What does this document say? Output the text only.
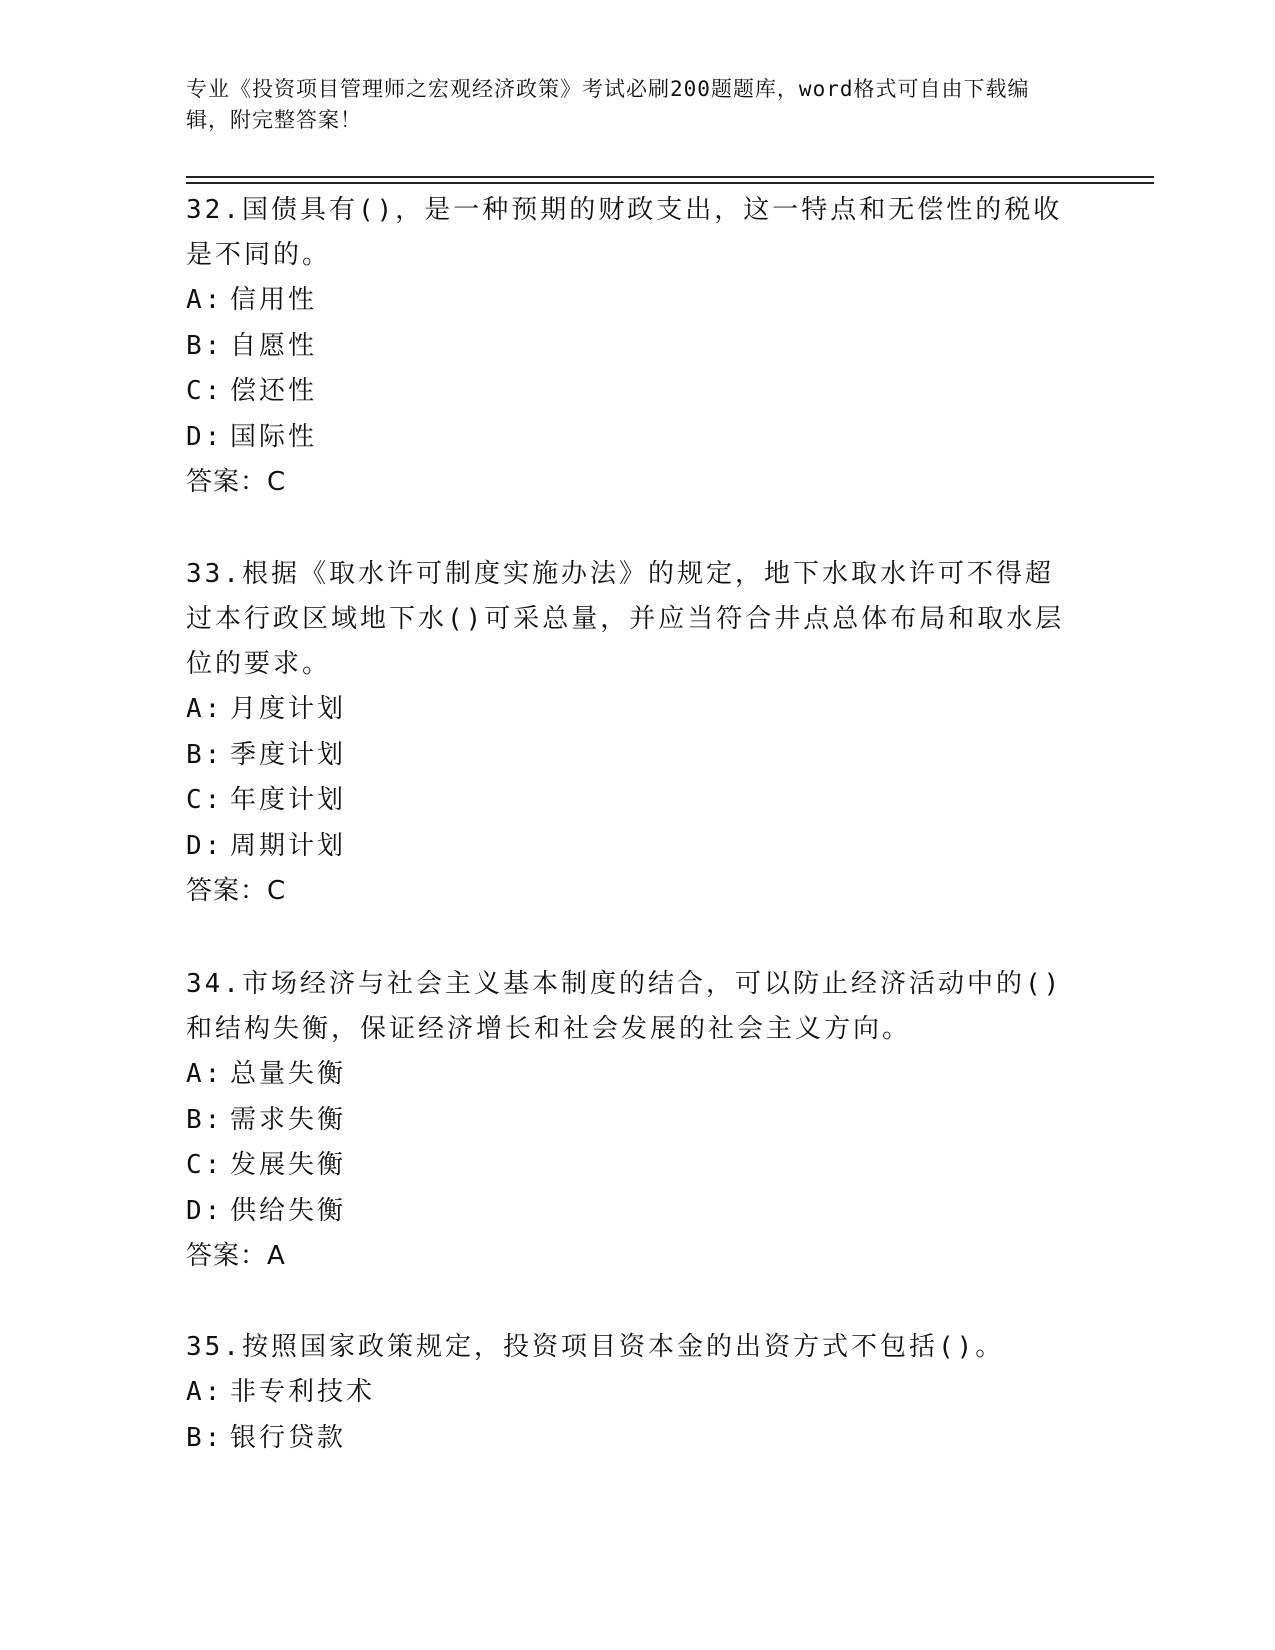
专业《投资项目管理师之宏观经济政策》考试必刷200题题库，word格式可自由下载编辑，附完整答案！

32.国债具有()，是一种预期的财政支出，这一特点和无偿性的税收是不同的。

A: 信用性

B: 自愿性

C: 偿还性

D: 国际性

答案：C

33.根据《取水许可制度实施办法》的规定，地下水取水许可不得超过本行政区域地下水()可采总量，并应当符合井点总体布局和取水层位的要求。

A: 月度计划

B: 季度计划

C: 年度计划

D: 周期计划

答案：C

34.市场经济与社会主义基本制度的结合，可以防止经济活动中的()和结构失衡，保证经济增长和社会发展的社会主义方向。

A: 总量失衡

B: 需求失衡

C: 发展失衡

D: 供给失衡

答案：A

35.按照国家政策规定，投资项目资本金的出资方式不包括()。

A: 非专利技术

B: 银行贷款
